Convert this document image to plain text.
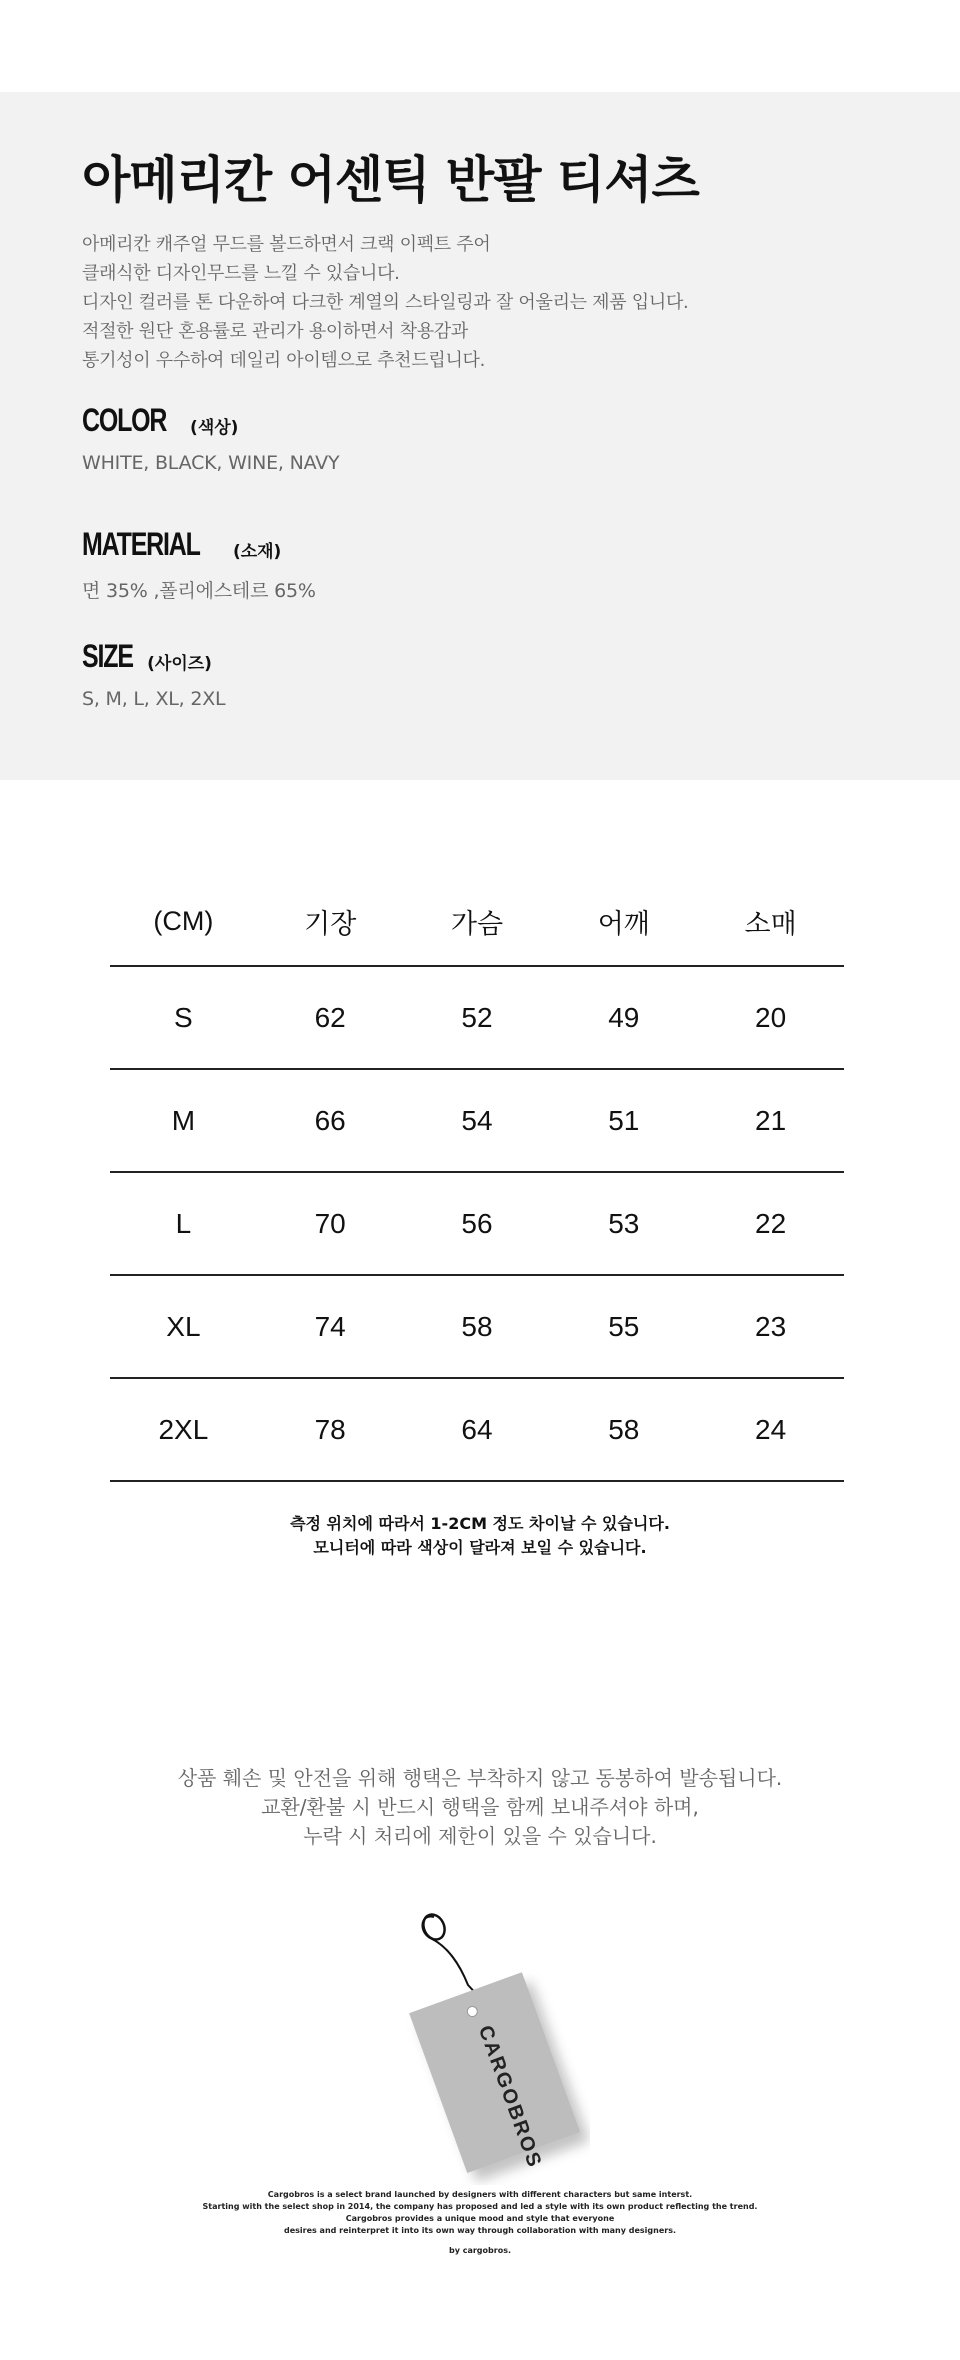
아메리칸 어센틱 반팔 티셔츠
아메리칸 캐주얼 무드를 볼드하면서 크랙 이펙트 주어
클래식한 디자인무드를 느낄 수 있습니다.
디자인 컬러를 톤 다운하여 다크한 계열의 스타일링과 잘 어울리는 제품 입니다.
적절한 원단 혼용률로 관리가 용이하면서 착용감과
통기성이 우수하여 데일리 아이템으로 추천드립니다.
COLOR (색상)
WHITE, BLACK, WINE, NAVY
MATERIAL (소재)
면 35% ,폴리에스테르 65%
SIZE (사이즈)
S, M, L, XL, 2XL
(CM)	기장	가슴	어깨	소매
S	62	52	49	20
M	66	54	51	21
L	70	56	53	22
XL	74	58	55	23
2XL	78	64	58	24
측정 위치에 따라서 1-2CM 정도 차이날 수 있습니다.
모니터에 따라 색상이 달라져 보일 수 있습니다.
상품 훼손 및 안전을 위해 행택은 부착하지 않고 동봉하여 발송됩니다.
교환/환불 시 반드시 행택을 함께 보내주셔야 하며,
누락 시 처리에 제한이 있을 수 있습니다.
CARGOBROS
Cargobros is a select brand launched by designers with different characters but same interst.
Starting with the select shop in 2014, the company has proposed and led a style with its own product reflecting the trend.
Cargobros provides a unique mood and style that everyone
desires and reinterpret it into its own way through collaboration with many designers.
by cargobros.
